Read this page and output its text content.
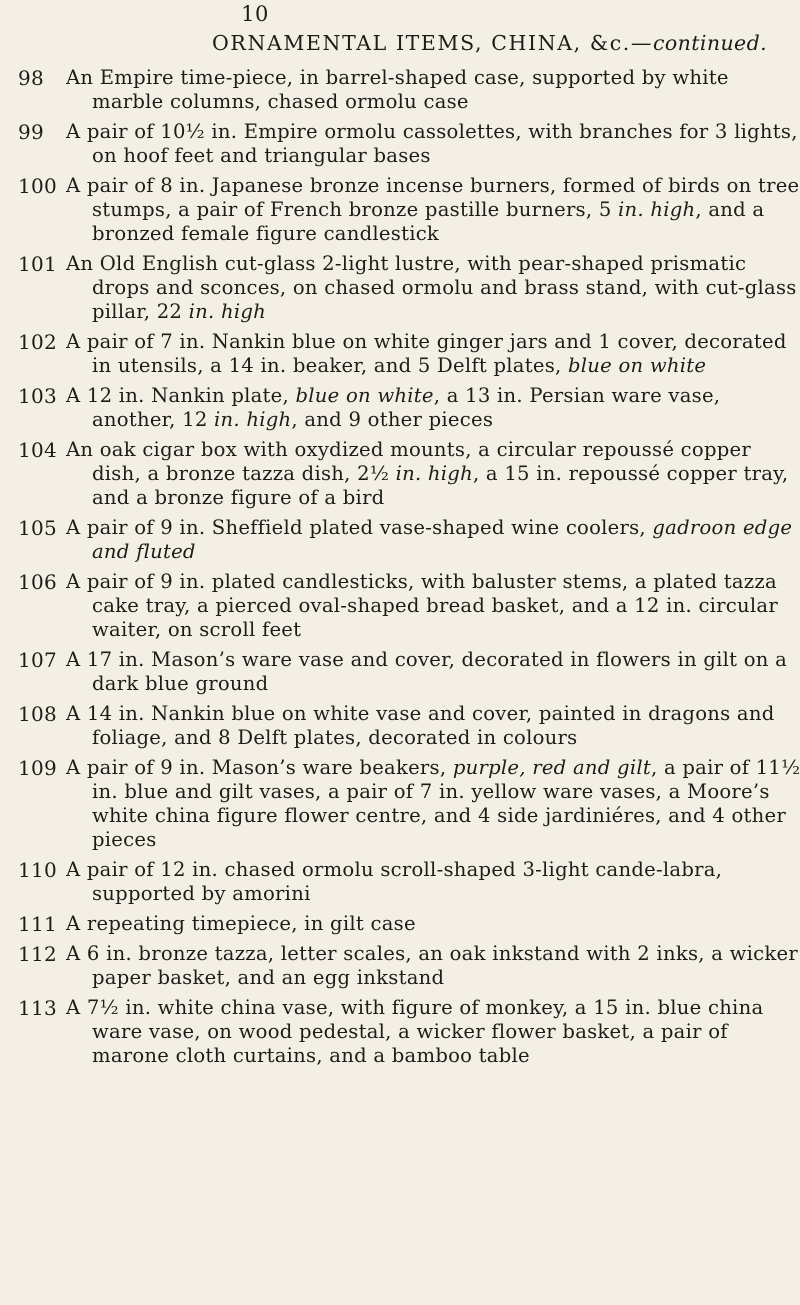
10
ORNAMENTAL ITEMS, CHINA, &c.—continued.
98 An Empire time-piece, in barrel-shaped case, supported by white marble columns, chased ormolu case
99 A pair of 10½ in. Empire ormolu cassolettes, with branches for 3 lights, on hoof feet and triangular bases
100 A pair of 8 in. Japanese bronze incense burners, formed of birds on tree stumps, a pair of French bronze pastille burners, 5 in. high, and a bronzed female figure candlestick
101 An Old English cut-glass 2-light lustre, with pear-shaped prismatic drops and sconces, on chased ormolu and brass stand, with cut-glass pillar, 22 in. high
102 A pair of 7 in. Nankin blue on white ginger jars and 1 cover, decorated in utensils, a 14 in. beaker, and 5 Delft plates, blue on white
103 A 12 in. Nankin plate, blue on white, a 13 in. Persian ware vase, another, 12 in. high, and 9 other pieces
104 An oak cigar box with oxydized mounts, a circular repoussé copper dish, a bronze tazza dish, 2½ in. high, a 15 in. repoussé copper tray, and a bronze figure of a bird
105 A pair of 9 in. Sheffield plated vase-shaped wine coolers, gadroon edge and fluted
106 A pair of 9 in. plated candlesticks, with baluster stems, a plated tazza cake tray, a pierced oval-shaped bread basket, and a 12 in. circular waiter, on scroll feet
107 A 17 in. Mason’s ware vase and cover, decorated in flowers in gilt on a dark blue ground
108 A 14 in. Nankin blue on white vase and cover, painted in dragons and foliage, and 8 Delft plates, decorated in colours
109 A pair of 9 in. Mason’s ware beakers, purple, red and gilt, a pair of 11½ in. blue and gilt vases, a pair of 7 in. yellow ware vases, a Moore’s white china figure flower centre, and 4 side jardiniéres, and 4 other pieces
110 A pair of 12 in. chased ormolu scroll-shaped 3-light cande-labra, supported by amorini
111 A repeating timepiece, in gilt case
112 A 6 in. bronze tazza, letter scales, an oak inkstand with 2 inks, a wicker paper basket, and an egg inkstand
113 A 7½ in. white china vase, with figure of monkey, a 15 in. blue china ware vase, on wood pedestal, a wicker flower basket, a pair of marone cloth curtains, and a bamboo table
